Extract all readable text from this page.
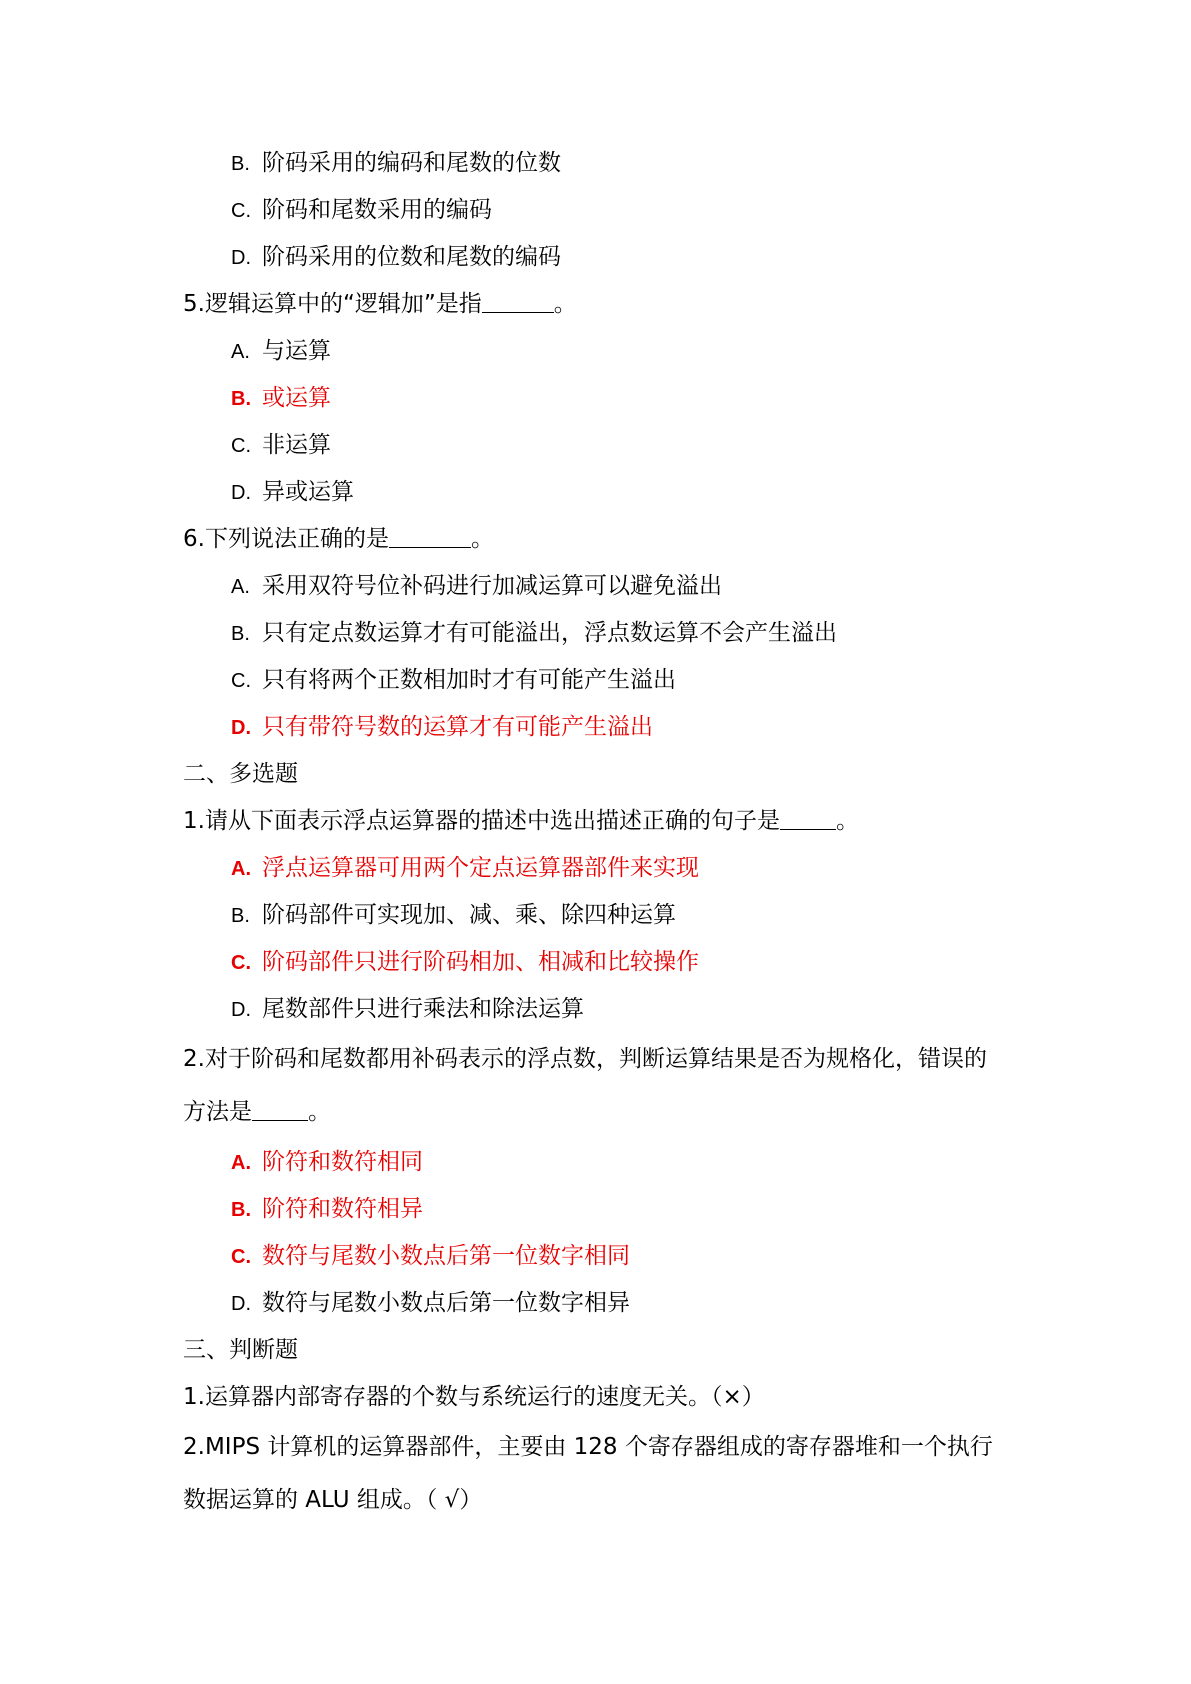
B. 阶码采用的编码和尾数的位数
C. 阶码和尾数采用的编码
D. 阶码采用的位数和尾数的编码
5.逻辑运算中的“逻辑加”是指	。
A. 与运算
B. 或运算
C. 非运算
D. 异或运算
6.下列说法正确的是	。
A. 采用双符号位补码进行加减运算可以避免溢出
B. 只有定点数运算才有可能溢出，浮点数运算不会产生溢出
C. 只有将两个正数相加时才有可能产生溢出
D. 只有带符号数的运算才有可能产生溢出
二、多选题
1.请从下面表示浮点运算器的描述中选出描述正确的句子是 。
A. 浮点运算器可用两个定点运算器部件来实现
B. 阶码部件可实现加、减、乘、除四种运算
C. 阶码部件只进行阶码相加、相减和比较操作
D. 尾数部件只进行乘法和除法运算
2.对于阶码和尾数都用补码表示的浮点数，判断运算结果是否为规格化，错误的
方法是 。
A. 阶符和数符相同
B. 阶符和数符相异
C. 数符与尾数小数点后第一位数字相同
D. 数符与尾数小数点后第一位数字相异
三、判断题
1.运算器内部寄存器的个数与系统运行的速度无关。（×）
2.MIPS 计算机的运算器部件，主要由 128 个寄存器组成的寄存器堆和一个执行
数据运算的 ALU 组成。（ √）
